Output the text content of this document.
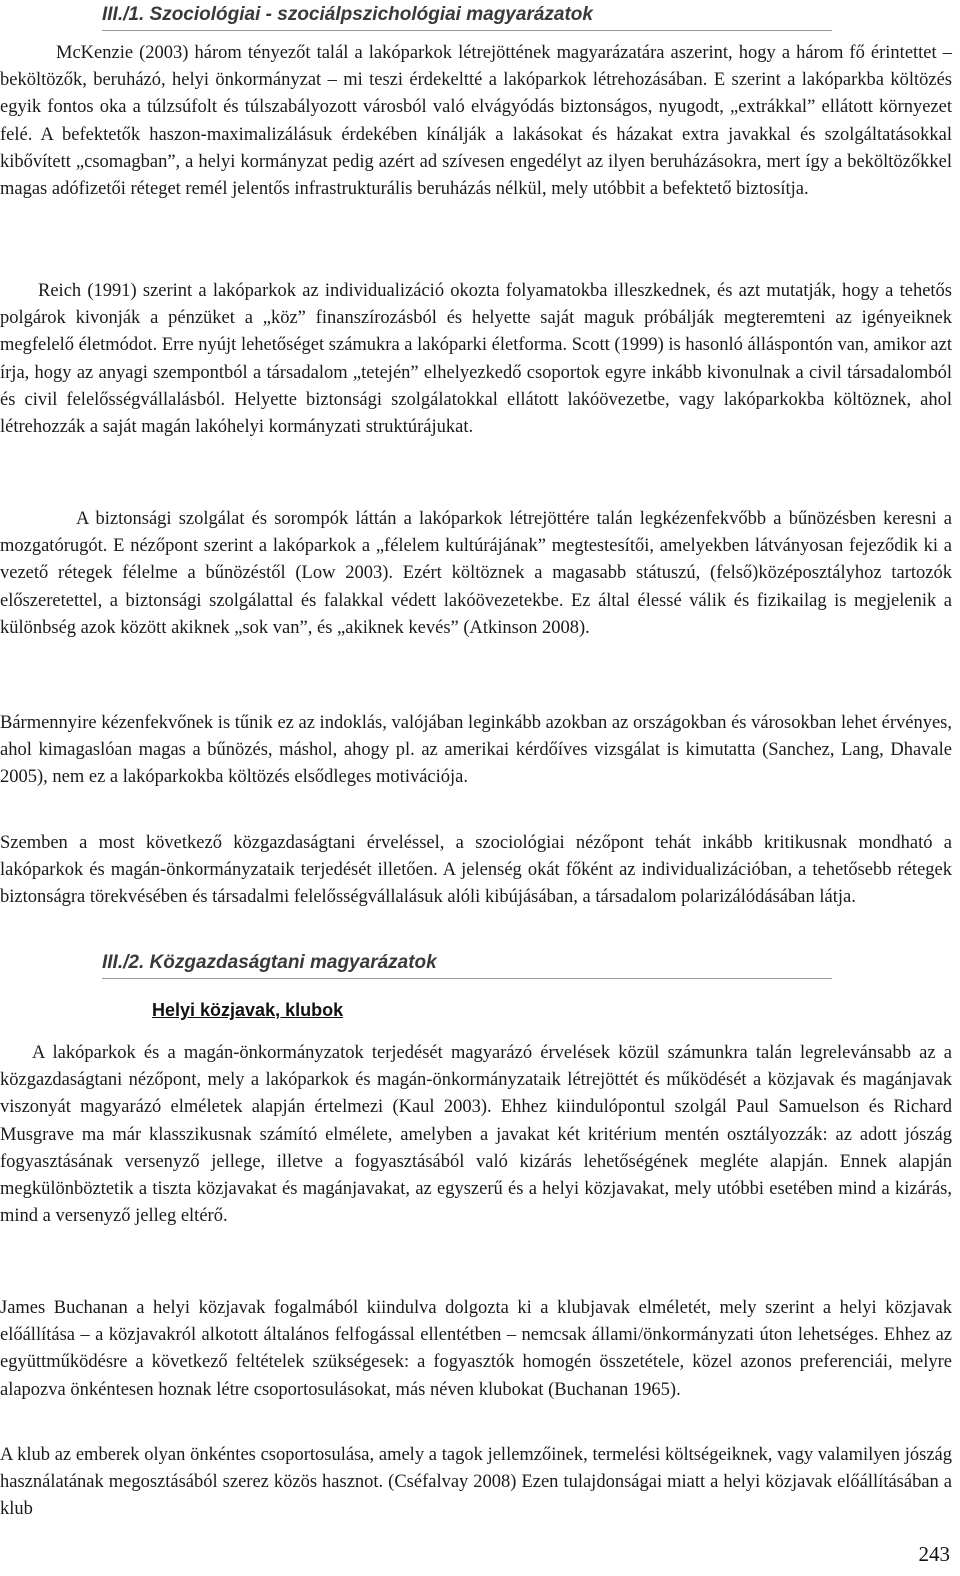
III./1. Szociológiai - szociálpszichológiai magyarázatok

McKenzie (2003) három tényezőt talál a lakóparkok létrejöttének magyarázatára aszerint, hogy a három fő érintettet – beköltözők, beruházó, helyi önkormányzat – mi teszi érdekeltté a lakóparkok létrehozásában. E szerint a lakóparkba költözés egyik fontos oka a túlzsúfolt és túlszabályozott városból való elvágyódás biztonságos, nyugodt, „extrákkal” ellátott környezet felé. A befektetők haszon-maximalizálásuk érdekében kínálják a lakásokat és házakat extra javakkal és szolgáltatásokkal kibővített „csomagban”, a helyi kormányzat pedig azért ad szívesen engedélyt az ilyen beruházásokra, mert így a beköltözőkkel magas adófizetői réteget remél jelentős infrastrukturális beruházás nélkül, mely utóbbit a befektető biztosítja.

Reich (1991) szerint a lakóparkok az individualizáció okozta folyamatokba illeszkednek, és azt mutatják, hogy a tehetős polgárok kivonják a pénzüket a „köz” finanszírozásból és helyette saját maguk próbálják megteremteni az igényeiknek megfelelő életmódot. Erre nyújt lehetőséget számukra a lakóparki életforma. Scott (1999) is hasonló álláspontón van, amikor azt írja, hogy az anyagi szempontból a társadalom „tetején” elhelyezkedő csoportok egyre inkább kivonulnak a civil társadalomból és civil felelősségvállalásból. Helyette biztonsági szolgálatokkal ellátott lakóövezetbe, vagy lakóparkokba költöznek, ahol létrehozzák a saját magán lakóhelyi kormányzati struktúrájukat.

A biztonsági szolgálat és sorompók láttán a lakóparkok létrejöttére talán legkézenfekvőbb a bűnözésben keresni a mozgatórugót. E nézőpont szerint a lakóparkok a „félelem kultúrájának” megtestesítői, amelyekben látványosan fejeződik ki a vezető rétegek félelme a bűnözéstől (Low 2003). Ezért költöznek a magasabb státuszú, (felső)középosztályhoz tartozók előszeretettel, a biztonsági szolgálattal és falakkal védett lakóövezetekbe. Ez által élessé válik és fizikailag is megjelenik a különbség azok között akiknek „sok van”, és „akiknek kevés” (Atkinson 2008).

Bármennyire kézenfekvőnek is tűnik ez az indoklás, valójában leginkább azokban az országokban és városokban lehet érvényes, ahol kimagaslóan magas a bűnözés, máshol, ahogy pl. az amerikai kérdőíves vizsgálat is kimutatta (Sanchez, Lang, Dhavale 2005), nem ez a lakóparkokba költözés elsődleges motivációja.

Szemben a most következő közgazdaságtani érveléssel, a szociológiai nézőpont tehát inkább kritikusnak mondható a lakóparkok és magán-önkormányzataik terjedését illetően. A jelenség okát főként az individualizációban, a tehetősebb rétegek biztonságra törekvésében és társadalmi felelősségvállalásuk alóli kibújásában, a társadalom polarizálódásában látja.

III./2. Közgazdaságtani magyarázatok
Helyi közjavak, klubok

A lakóparkok és a magán-önkormányzatok terjedését magyarázó érvelések közül számunkra talán legrelevánsabb az a közgazdaságtani nézőpont, mely a lakóparkok és magán-önkormányzataik létrejöttét és működését a közjavak és magánjavak viszonyát magyarázó elméletek alapján értelmezi (Kaul 2003). Ehhez kiindulópontul szolgál Paul Samuelson és Richard Musgrave ma már klasszikusnak számító elmélete, amelyben a javakat két kritérium mentén osztályozzák: az adott jószág fogyasztásának versenyző jellege, illetve a fogyasztásából való kizárás lehetőségének megléte alapján. Ennek alapján megkülönböztetik a tiszta közjavakat és magánjavakat, az egyszerű és a helyi közjavakat, mely utóbbi esetében mind a kizárás, mind a versenyző jelleg eltérő.

James Buchanan a helyi közjavak fogalmából kiindulva dolgozta ki a klubjavak elméletét, mely szerint a helyi közjavak előállítása – a közjavakról alkotott általános felfogással ellentétben – nemcsak állami/önkormányzati úton lehetséges. Ehhez az együttműködésre a következő feltételek szükségesek: a fogyasztók homogén összetétele, közel azonos preferenciái, melyre alapozva önkéntesen hoznak létre csoportosulásokat, más néven klubokat (Buchanan 1965).

A klub az emberek olyan önkéntes csoportosulása, amely a tagok jellemzőinek, termelési költségeiknek, vagy valamilyen jószág használatának megosztásából szerez közös hasznot. (Cséfalvay 2008) Ezen tulajdonságai miatt a helyi közjavak előállításában a klub

243
